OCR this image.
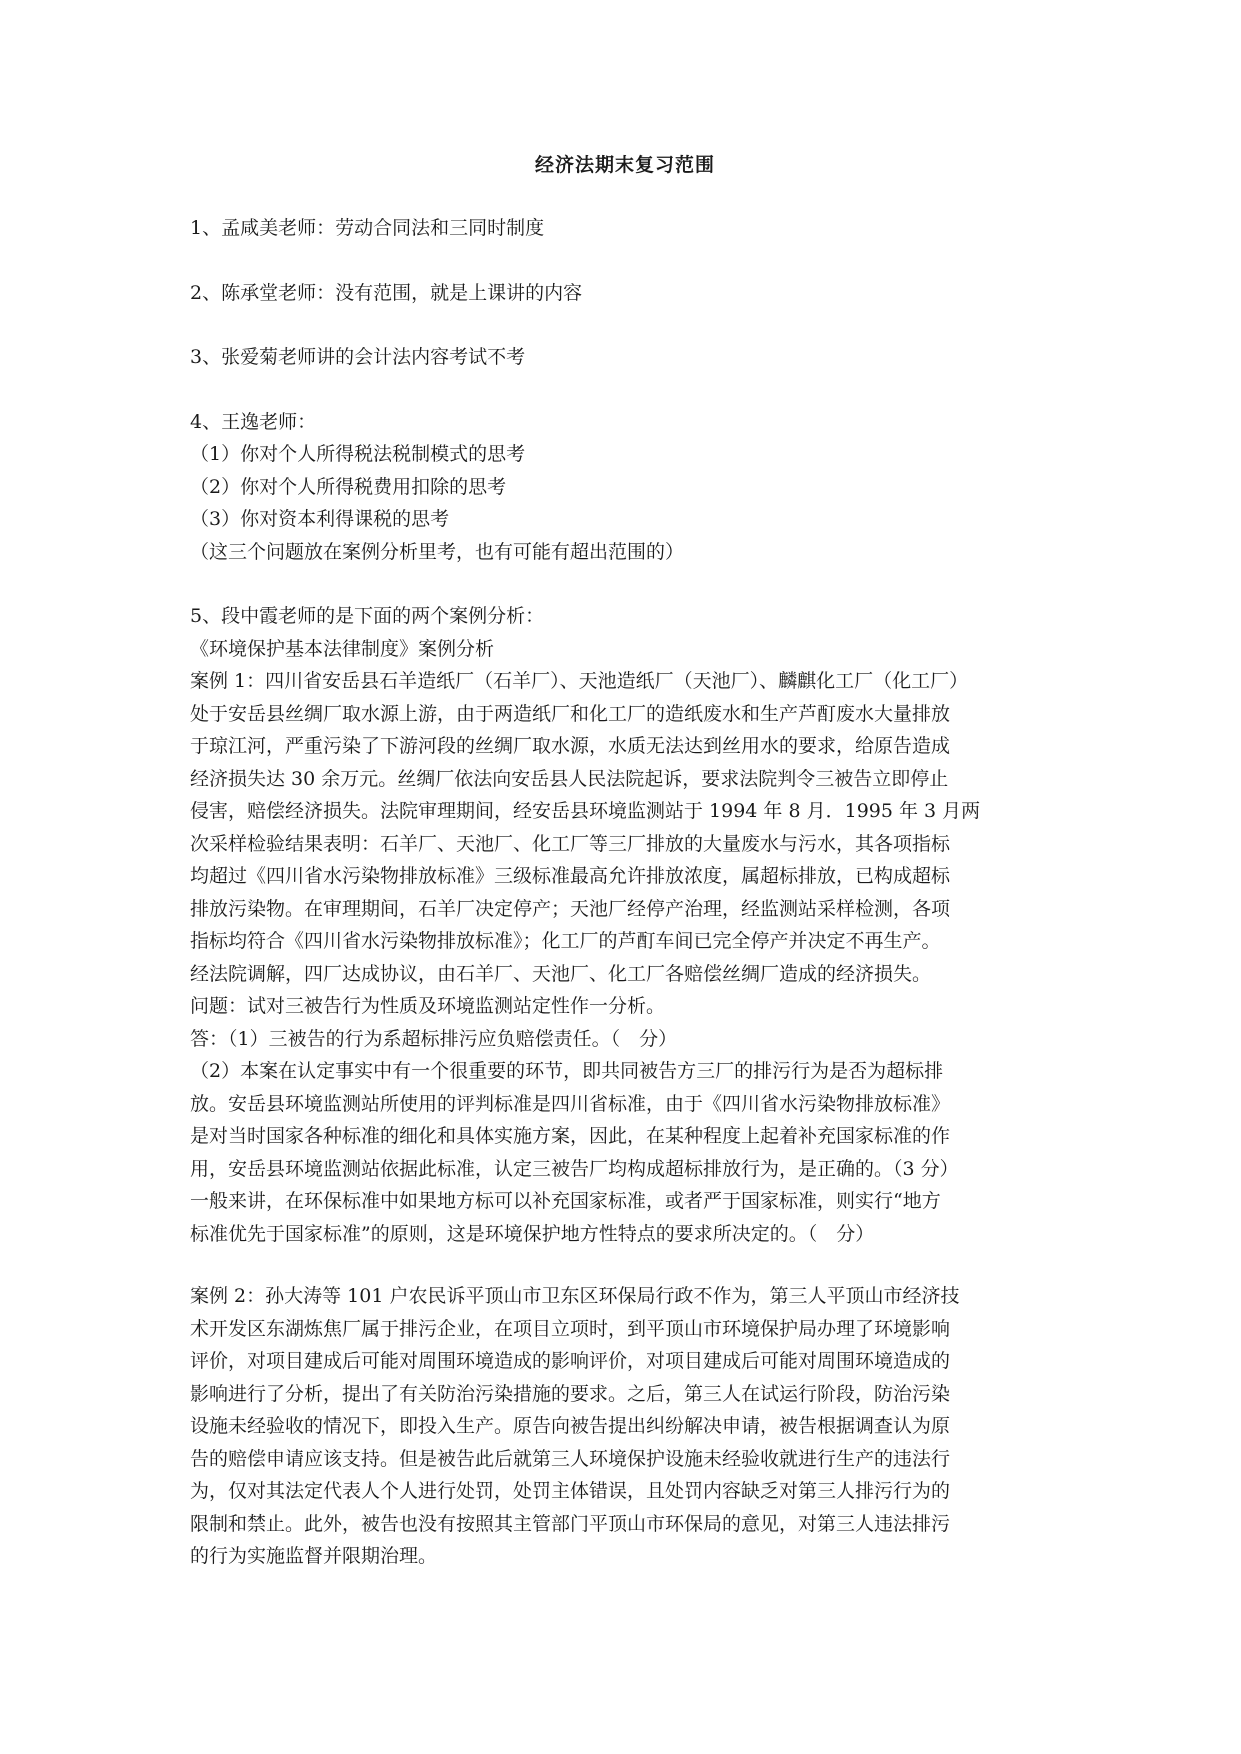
经济法期末复习范围

1、孟咸美老师：劳动合同法和三同时制度

2、陈承堂老师：没有范围，就是上课讲的内容

3、张爱菊老师讲的会计法内容考试不考

4、王逸老师：

（1）你对个人所得税法税制模式的思考

（2）你对个人所得税费用扣除的思考

（3）你对资本利得课税的思考

（这三个问题放在案例分析里考，也有可能有超出范围的）

5、段中霞老师的是下面的两个案例分析：

《环境保护基本法律制度》案例分析

案例 1：四川省安岳县石羊造纸厂（石羊厂）、天池造纸厂（天池厂）、麟麒化工厂（化工厂）

处于安岳县丝绸厂取水源上游，由于两造纸厂和化工厂的造纸废水和生产芦酊废水大量排放

于琼江河，严重污染了下游河段的丝绸厂取水源，水质无法达到丝用水的要求，给原告造成

经济损失达 30 余万元。丝绸厂依法向安岳县人民法院起诉，要求法院判令三被告立即停止

侵害，赔偿经济损失。法院审理期间，经安岳县环境监测站于 1994 年 8 月．1995 年 3 月两

次采样检验结果表明：石羊厂、天池厂、化工厂等三厂排放的大量废水与污水，其各项指标

均超过《四川省水污染物排放标准》三级标准最高允许排放浓度，属超标排放，已构成超标

排放污染物。在审理期间，石羊厂决定停产；天池厂经停产治理，经监测站采样检测，各项

指标均符合《四川省水污染物排放标准》；化工厂的芦酊车间已完全停产并决定不再生产。

经法院调解，四厂达成协议，由石羊厂、天池厂、化工厂各赔偿丝绸厂造成的经济损失。

问题：试对三被告行为性质及环境监测站定性作一分析。

答：（1）三被告的行为系超标排污应负赔偿责任。（　分）

（2）本案在认定事实中有一个很重要的环节，即共同被告方三厂的排污行为是否为超标排

放。安岳县环境监测站所使用的评判标准是四川省标准，由于《四川省水污染物排放标准》

是对当时国家各种标准的细化和具体实施方案，因此，在某种程度上起着补充国家标准的作

用，安岳县环境监测站依据此标准，认定三被告厂均构成超标排放行为，是正确的。（3 分）

一般来讲，在环保标准中如果地方标可以补充国家标准，或者严于国家标准，则实行“地方

标准优先于国家标准”的原则，这是环境保护地方性特点的要求所决定的。（　分）

案例 2：孙大涛等 101 户农民诉平顶山市卫东区环保局行政不作为，第三人平顶山市经济技

术开发区东湖炼焦厂属于排污企业，在项目立项时，到平顶山市环境保护局办理了环境影响

评价，对项目建成后可能对周围环境造成的影响评价，对项目建成后可能对周围环境造成的

影响进行了分析，提出了有关防治污染措施的要求。之后，第三人在试运行阶段，防治污染

设施未经验收的情况下，即投入生产。原告向被告提出纠纷解决申请，被告根据调查认为原

告的赔偿申请应该支持。但是被告此后就第三人环境保护设施未经验收就进行生产的违法行

为，仅对其法定代表人个人进行处罚，处罚主体错误，且处罚内容缺乏对第三人排污行为的

限制和禁止。此外，被告也没有按照其主管部门平顶山市环保局的意见，对第三人违法排污

的行为实施监督并限期治理。
